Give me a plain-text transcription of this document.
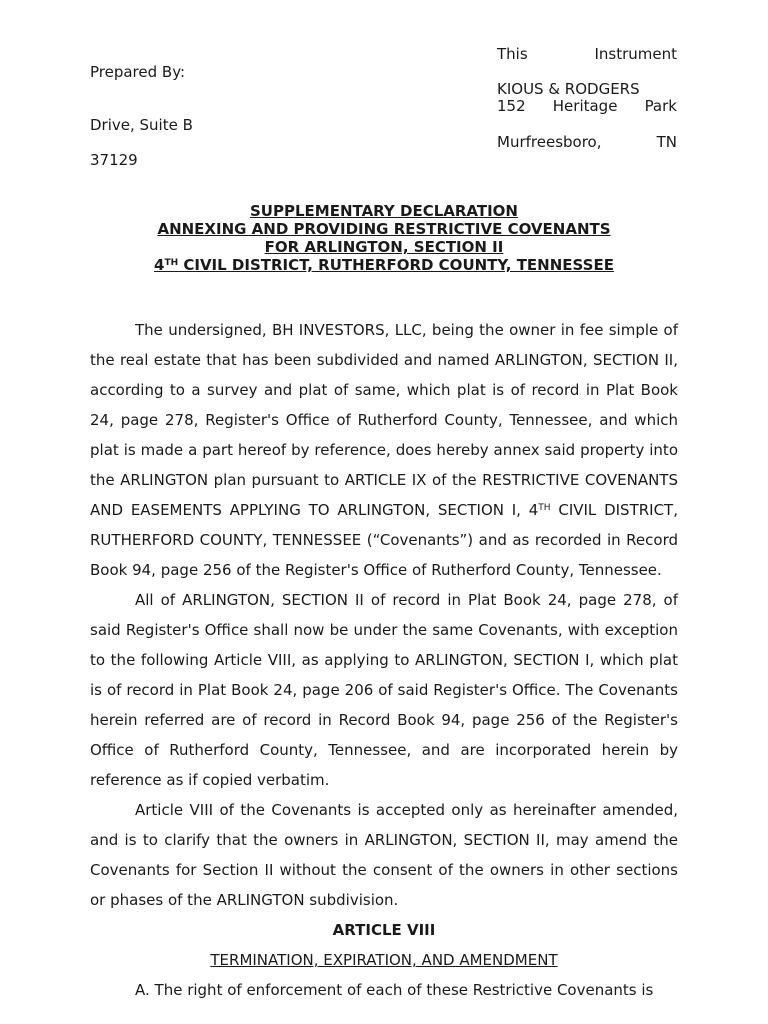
This	Instrument
Prepared By:
KIOUS & RODGERS
152 Heritage Park
Drive, Suite B
Murfreesboro,	TN
37129
SUPPLEMENTARY DECLARATION
ANNEXING AND PROVIDING RESTRICTIVE COVENANTS
FOR ARLINGTON, SECTION II
4TH CIVIL DISTRICT, RUTHERFORD COUNTY, TENNESSEE

The undersigned, BH INVESTORS, LLC, being the owner in fee simple of the real estate that has been subdivided and named ARLINGTON, SECTION II, according to a survey and plat of same, which plat is of record in Plat Book 24, page 278, Register's Office of Rutherford County, Tennessee, and which plat is made a part hereof by reference, does hereby annex said property into the ARLINGTON plan pursuant to ARTICLE IX of the RESTRICTIVE COVENANTS AND EASEMENTS APPLYING TO ARLINGTON, SECTION I, 4TH CIVIL DISTRICT, RUTHERFORD COUNTY, TENNESSEE (“Covenants”) and as recorded in Record Book 94, page 256 of the Register's Office of Rutherford County, Tennessee.

All of ARLINGTON, SECTION II of record in Plat Book 24, page 278, of said Register's Office shall now be under the same Covenants, with exception to the following Article VIII, as applying to ARLINGTON, SECTION I, which plat is of record in Plat Book 24, page 206 of said Register's Office. The Covenants herein referred are of record in Record Book 94, page 256 of the Register's Office of Rutherford County, Tennessee, and are incorporated herein by reference as if copied verbatim.

Article VIII of the Covenants is accepted only as hereinafter amended, and is to clarify that the owners in ARLINGTON, SECTION II, may amend the Covenants for Section II without the consent of the owners in other sections or phases of the ARLINGTON subdivision.

ARTICLE VIII

TERMINATION, EXPIRATION, AND AMENDMENT

A. The right of enforcement of each of these Restrictive Covenants is
